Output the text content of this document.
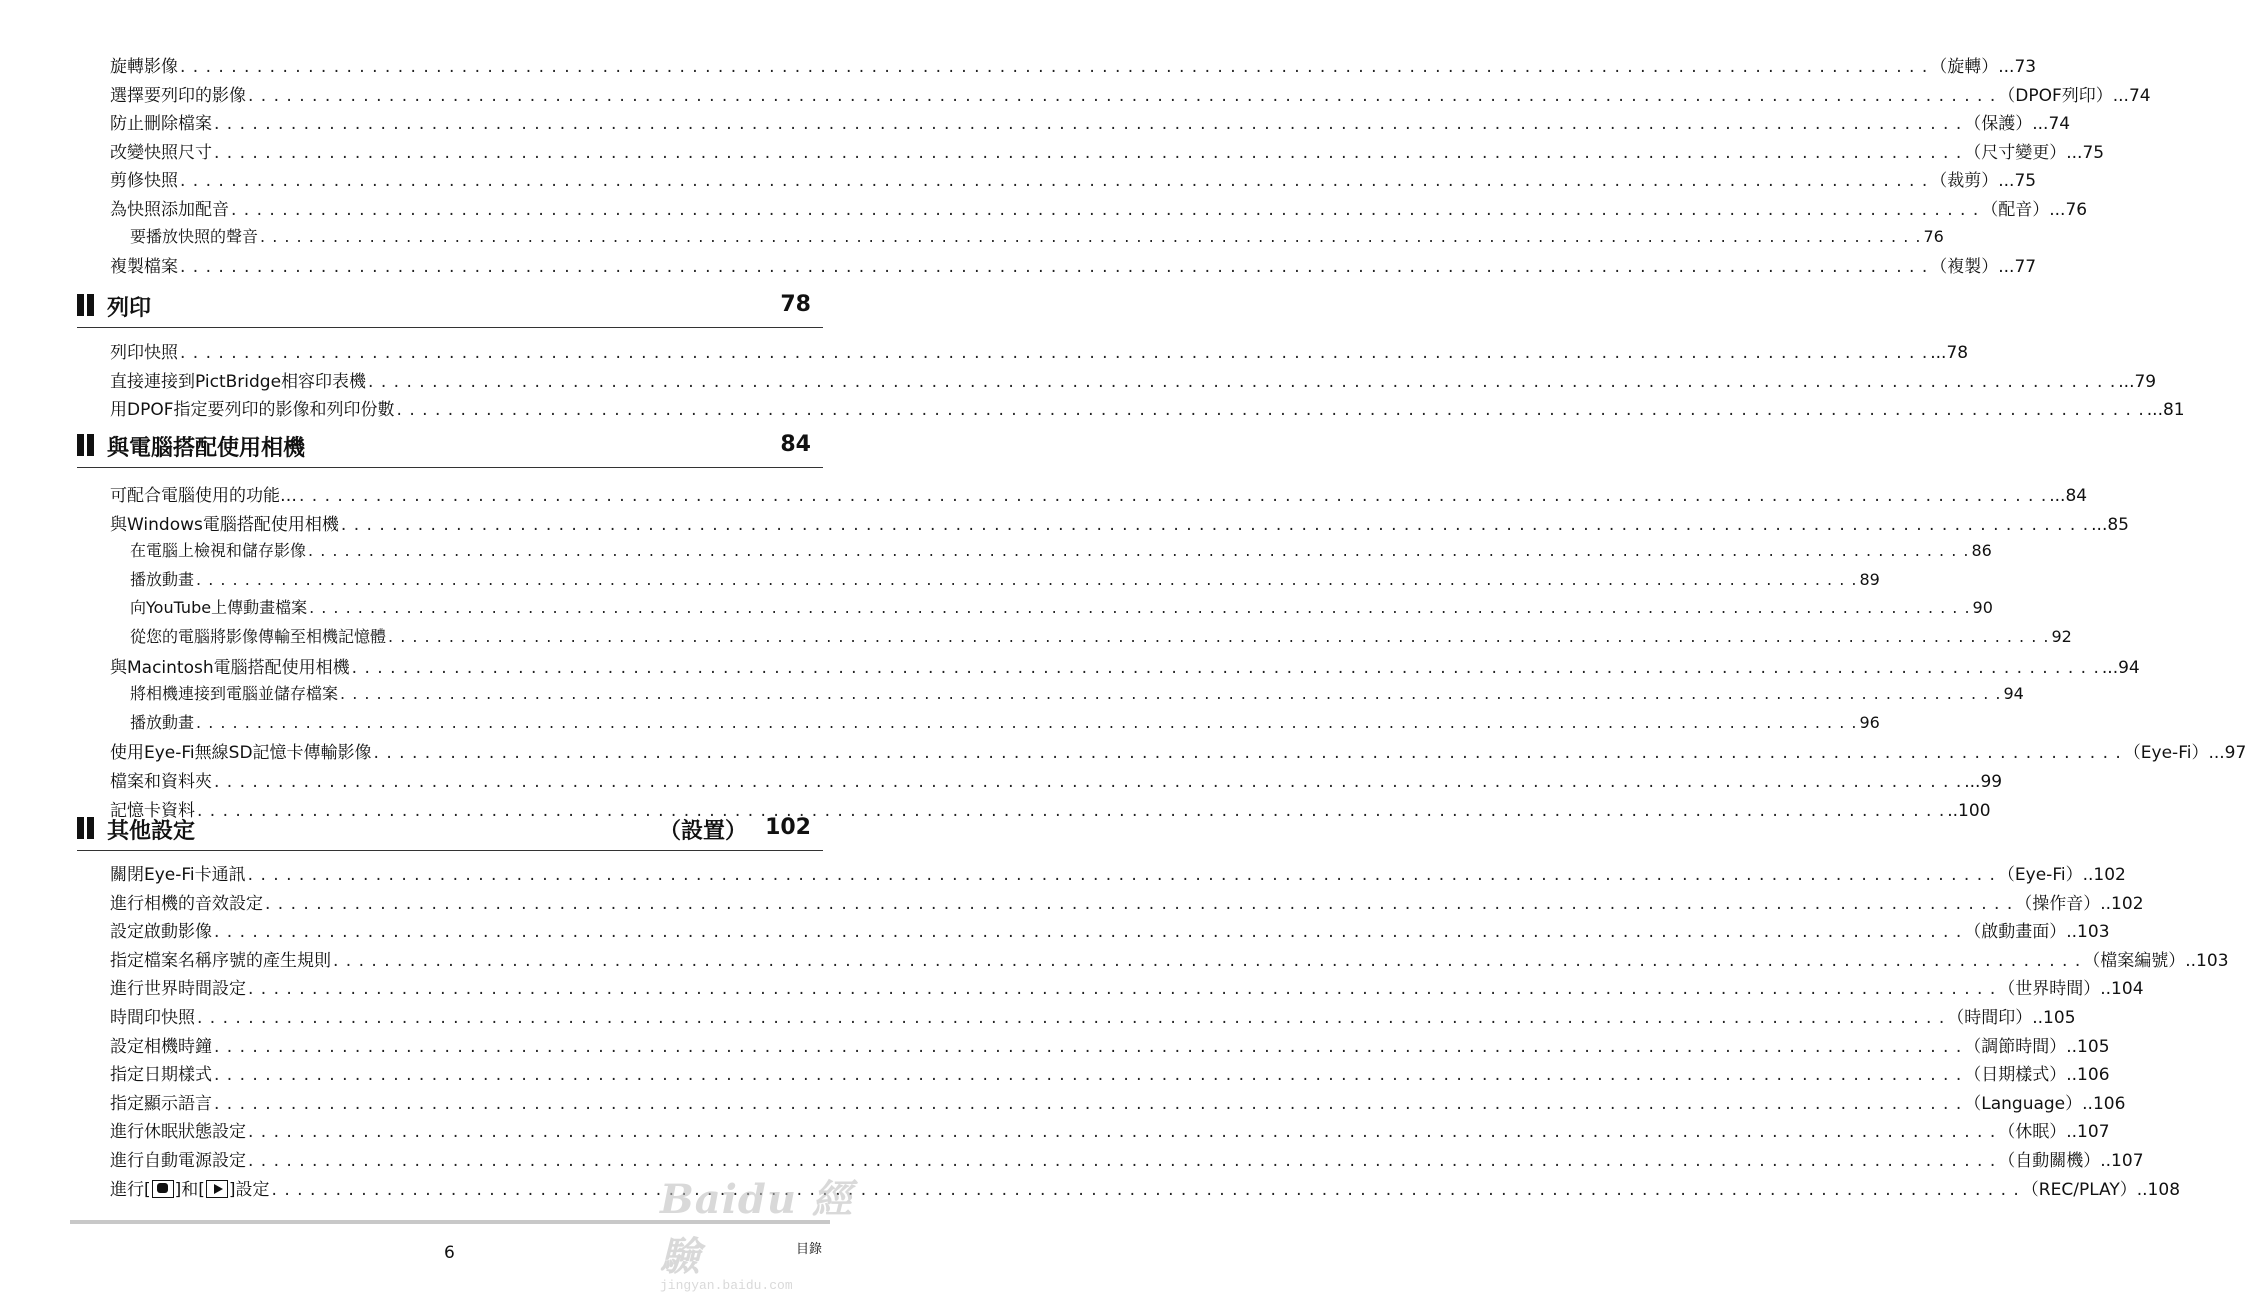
旋轉影像 . . .	（旋轉）...73
選擇要列印的影像 . . .	（DPOF列印）...74
防止刪除檔案 . . .	（保護）...74
改變快照尺寸 . . .	（尺寸變更）...75
剪修快照 . . .	（裁剪）...75
為快照添加配音 . . .	（配音）...76
要播放快照的聲音 . . .	76
複製檔案 . . .	（複製）...77
列印	78
列印快照 . . .	...78
直接連接到PictBridge相容印表機 . . .	...79
用DPOF指定要列印的影像和列印份數 . . .	...81
與電腦搭配使用相機	84
可配合電腦使用的功能… . . .	...84
與Windows電腦搭配使用相機 . . .	...85
在電腦上檢視和儲存影像 . . .	86
播放動畫 . . .	89
向YouTube上傳動畫檔案 . . .	90
從您的電腦將影像傳輸至相機記憶體 . . .	92
與Macintosh電腦搭配使用相機 . . .	...94
將相機連接到電腦並儲存檔案 . . .	94
播放動畫 . . .	96
使用Eye-Fi無線SD記憶卡傳輸影像 . . .	（Eye-Fi）...97
檔案和資料夾 . . .	...99
記憶卡資料 . . .	..100
其他設定	（設置） 102
關閉Eye-Fi卡通訊 . . .	（Eye-Fi）..102
進行相機的音效設定 . . .	（操作音）..102
設定啟動影像 . . .	（啟動畫面）..103
指定檔案名稱序號的產生規則 . . .	（檔案編號）..103
進行世界時間設定 . . .	（世界時間）..104
時間印快照 . . .	（時間印）..105
設定相機時鐘 . . .	（調節時間）..105
指定日期樣式 . . .	（日期樣式）..106
指定顯示語言 . . .	（Language）..106
進行休眠狀態設定 . . .	（休眠）..107
進行自動電源設定 . . .	（自動關機）..107
進行[ ]和[ ]設定 . . .	（REC/PLAY）..108
6	目錄
Baidu 經驗
jingyan.baidu.com
